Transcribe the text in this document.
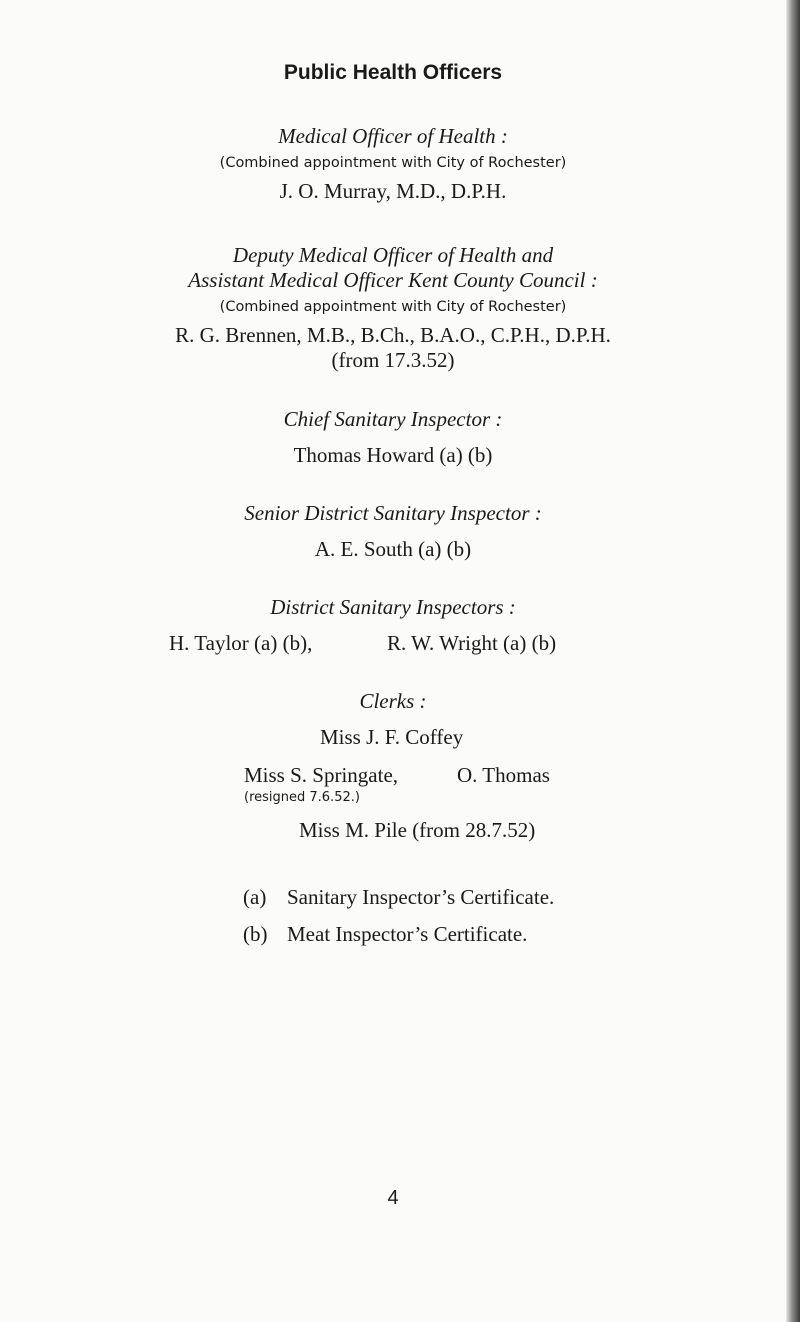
Public Health Officers
Medical Officer of Health :
(Combined appointment with City of Rochester)
J. O. Murray, M.D., D.P.H.
Deputy Medical Officer of Health and
Assistant Medical Officer Kent County Council :
(Combined appointment with City of Rochester)
R. G. Brennen, M.B., B.Ch., B.A.O., C.P.H., D.P.H.
(from 17.3.52)
Chief Sanitary Inspector :
Thomas Howard (a) (b)
Senior District Sanitary Inspector :
A. E. South (a) (b)
District Sanitary Inspectors :
H. Taylor (a) (b),	R. W. Wright (a) (b)
Clerks :
Miss J. F. Coffey
Miss S. Springate,	O. Thomas
(resigned 7.6.52.)
Miss M. Pile (from 28.7.52)
(a) Sanitary Inspector’s Certificate.
(b) Meat Inspector’s Certificate.
4
